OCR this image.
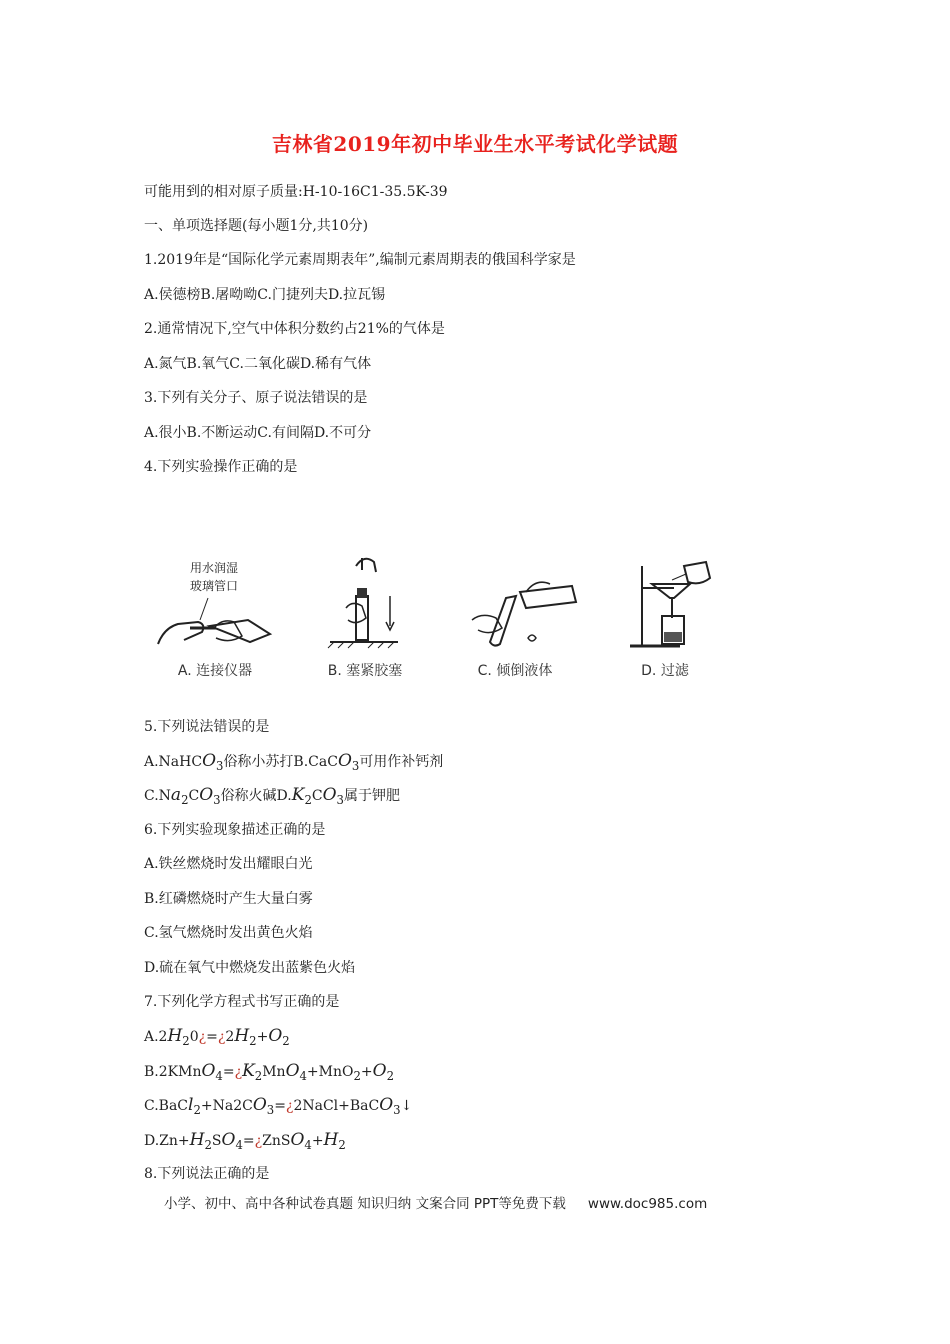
吉林省2019年初中毕业生水平考试化学试题
可能用到的相对原子质量:H-10-16C1-35.5K-39
一、单项选择题(每小题1分,共10分)
1.2019年是“国际化学元素周期表年”,编制元素周期表的俄国科学家是
A.侯德榜B.屠呦呦C.门捷列夫D.拉瓦锡
2.通常情况下,空气中体积分数约占21%的气体是
A.氮气B.氧气C.二氧化碳D.稀有气体
3.下列有关分子、原子说法错误的是
A.很小B.不断运动C.有间隔D.不可分
4.下列实验操作正确的是
用水润湿
玻璃管口
A. 连接仪器	B. 塞紧胶塞	C. 倾倒液体	D. 过滤
5.下列说法错误的是
A.NaHCO$_3$俗称小苏打B.CaCO$_3$可用作补钙剂
$C.Na_2CO_3$俗称火碱$D.K_2CO_3$属于钾肥
6.下列实验现象描述正确的是
A.铁丝燃烧时发出耀眼白光
B.红磷燃烧时产生大量白雾
C.氢气燃烧时发出黄色火焰
D.硫在氧气中燃烧发出蓝紫色火焰
7.下列化学方程式书写正确的是
$A.2H_20¿=¿2H_2+O_2$
$B.2KMnO_4=¿K_2MnO_4+MnO_2+O_2$
$C.BaCl_2+Na2CO_3=¿2NaCl+BaCO_3↓$
$D.Zn+H_2SO_4=¿ZnSO_4+H_2$
8.下列说法正确的是
小学、初中、高中各种试卷真题 知识归纳 文案合同 PPT等免费下载 www.doc985.com
